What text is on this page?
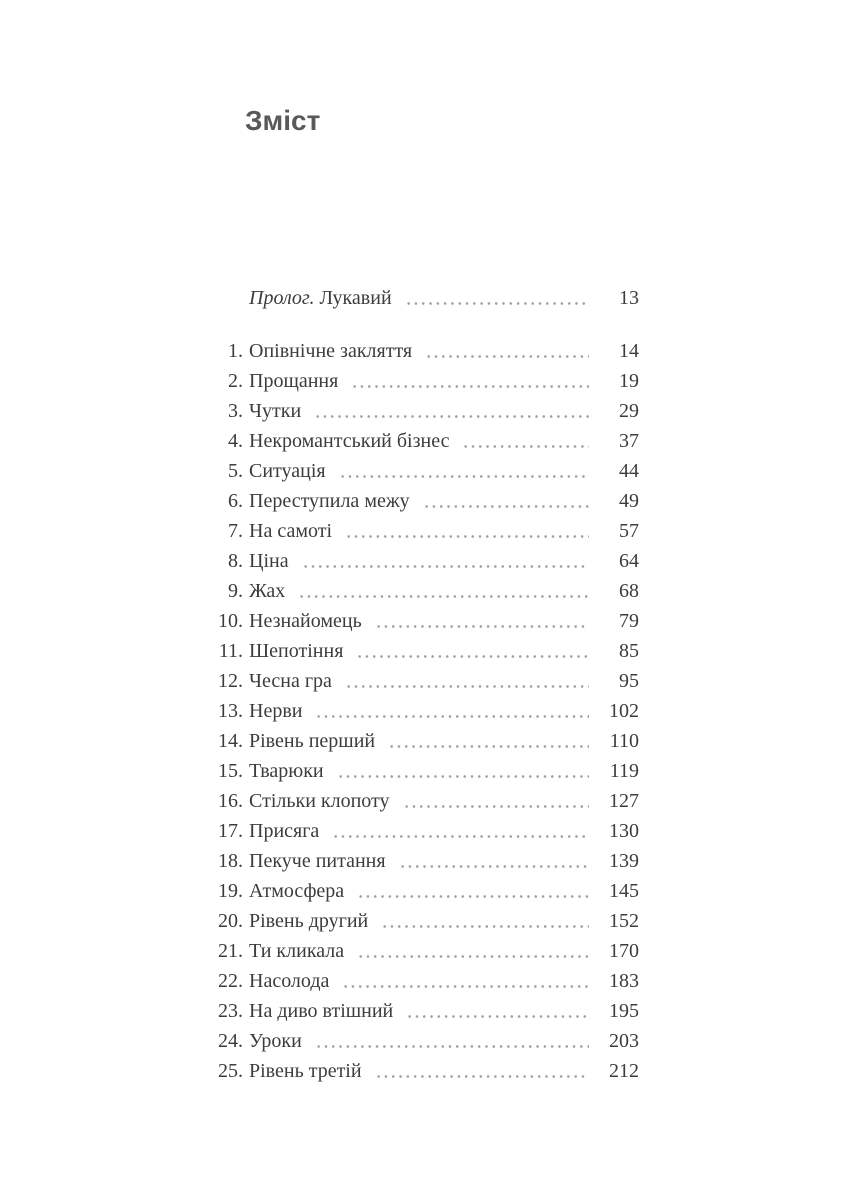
Зміст
Пролог. Лукавий	13
1. Опівнічне закляття	14
2. Прощання	19
3. Чутки	29
4. Некромантський бізнес	37
5. Ситуація	44
6. Переступила межу	49
7. На самоті	57
8. Ціна	64
9. Жах	68
10. Незнайомець	79
11. Шепотіння	85
12. Чесна гра	95
13. Нерви	102
14. Рівень перший	110
15. Тварюки	119
16. Стільки клопоту	127
17. Присяга	130
18. Пекуче питання	139
19. Атмосфера	145
20. Рівень другий	152
21. Ти кликала	170
22. Насолода	183
23. На диво втішний	195
24. Уроки	203
25. Рівень третій	212
